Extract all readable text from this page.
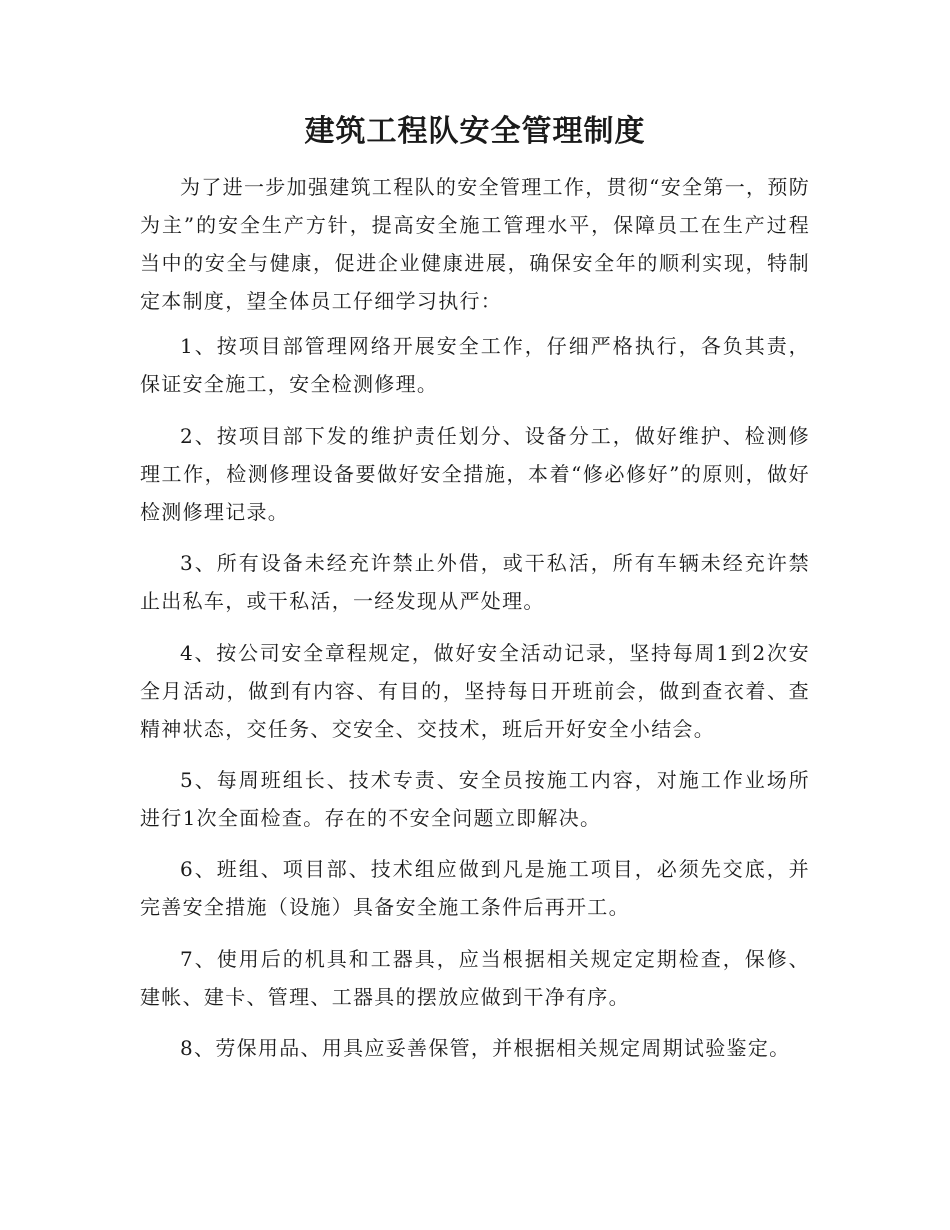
建筑工程队安全管理制度

为了进一步加强建筑工程队的安全管理工作，贯彻“安全第一，预防为主”的安全生产方针，提高安全施工管理水平，保障员工在生产过程当中的安全与健康，促进企业健康进展，确保安全年的顺利实现，特制定本制度，望全体员工仔细学习执行：

1、按项目部管理网络开展安全工作，仔细严格执行，各负其责，保证安全施工，安全检测修理。

2、按项目部下发的维护责任划分、设备分工，做好维护、检测修理工作，检测修理设备要做好安全措施，本着“修必修好”的原则，做好检测修理记录。

3、所有设备未经充许禁止外借，或干私活，所有车辆未经充许禁止出私车，或干私活，一经发现从严处理。

4、按公司安全章程规定，做好安全活动记录，坚持每周1到2次安全月活动，做到有内容、有目的，坚持每日开班前会，做到查衣着、查精神状态，交任务、交安全、交技术，班后开好安全小结会。

5、每周班组长、技术专责、安全员按施工内容，对施工作业场所进行1次全面检查。存在的不安全问题立即解决。

6、班组、项目部、技术组应做到凡是施工项目，必须先交底，并完善安全措施（设施）具备安全施工条件后再开工。

7、使用后的机具和工器具，应当根据相关规定定期检查，保修、建帐、建卡、管理、工器具的摆放应做到干净有序。

8、劳保用品、用具应妥善保管，并根据相关规定周期试验鉴定。
